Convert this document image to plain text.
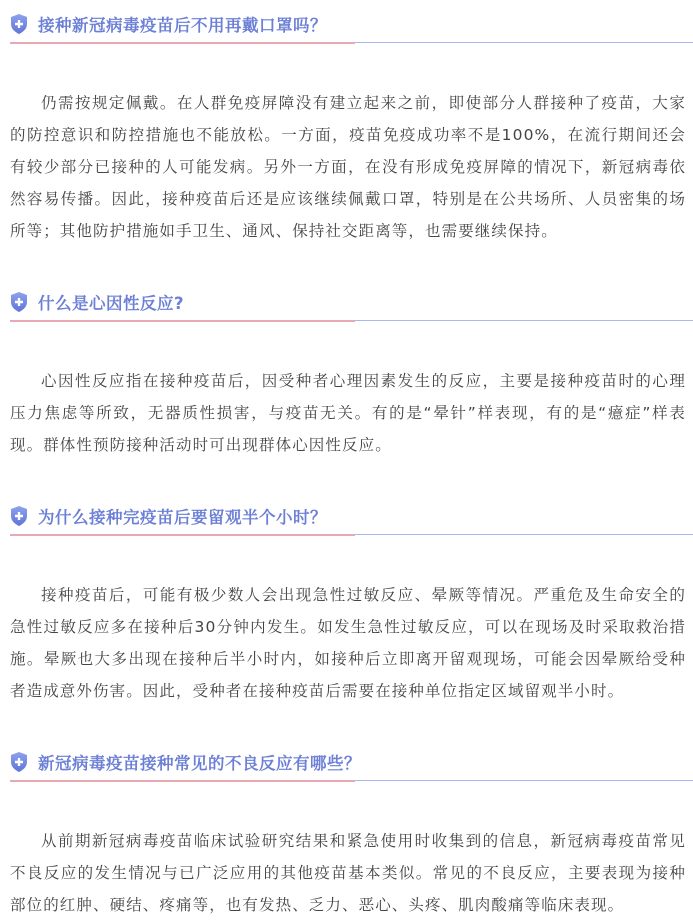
接种新冠病毒疫苗后不用再戴口罩吗？

仍需按规定佩戴。在人群免疫屏障没有建立起来之前，即使部分人群接种了疫苗，大家的防控意识和防控措施也不能放松。一方面，疫苗免疫成功率不是100%，在流行期间还会有较少部分已接种的人可能发病。另外一方面，在没有形成免疫屏障的情况下，新冠病毒依然容易传播。因此，接种疫苗后还是应该继续佩戴口罩，特别是在公共场所、人员密集的场所等；其他防护措施如手卫生、通风、保持社交距离等，也需要继续保持。

什么是心因性反应?

心因性反应指在接种疫苗后，因受种者心理因素发生的反应，主要是接种疫苗时的心理压力焦虑等所致，无器质性损害，与疫苗无关。有的是“晕针”样表现，有的是“癔症”样表现。群体性预防接种活动时可出现群体心因性反应。

为什么接种完疫苗后要留观半个小时？

接种疫苗后，可能有极少数人会出现急性过敏反应、晕厥等情况。严重危及生命安全的急性过敏反应多在接种后30分钟内发生。如发生急性过敏反应，可以在现场及时采取救治措施。晕厥也大多出现在接种后半小时内，如接种后立即离开留观现场，可能会因晕厥给受种者造成意外伤害。因此，受种者在接种疫苗后需要在接种单位指定区域留观半小时。

新冠病毒疫苗接种常见的不良反应有哪些？

从前期新冠病毒疫苗临床试验研究结果和紧急使用时收集到的信息，新冠病毒疫苗常见不良反应的发生情况与已广泛应用的其他疫苗基本类似。常见的不良反应，主要表现为接种部位的红肿、硬结、疼痛等，也有发热、乏力、恶心、头疼、肌肉酸痛等临床表现。
